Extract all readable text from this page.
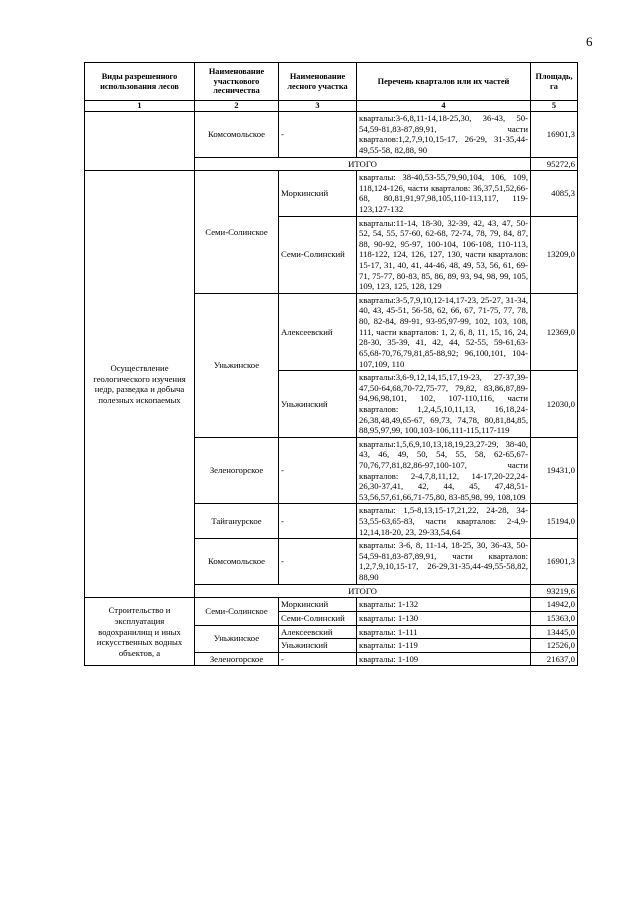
6
Виды разрешенного использования лесов	Наименование участкового лесничества	Наименование лесного участка	Перечень кварталов или их частей	Площадь, га
1	2	3	4	5
	Комсомольское	-	кварталы:3-6,8,11-14,18-25,30, 36-43, 50-54,59-81,83-87,89,91, части кварталов:1,2,7,9,10,15-17, 26-29, 31-35,44-49,55-58, 82,88, 90	16901,3
	ИТОГО			95272,6
Осуществление геологического изучения недр, разведка и добыча полезных ископаемых	Семи-Солинское	Моркинский	кварталы: 38-40,53-55,79,90,104, 106, 109, 118,124-126, части кварталов: 36,37,51,52,66-68, 80,81,91,97,98,105,110-113,117, 119-123,127-132	4085,3
		Семи-Солинский	кварталы:11-14, 18-30, 32-39, 42, 43, 47, 50-52, 54, 55, 57-60, 62-68, 72-74, 78, 79, 84, 87, 88, 90-92, 95-97, 100-104, 106-108, 110-113, 118-122, 124, 126, 127, 130, части кварталов: 15-17, 31, 40, 41, 44-46, 48, 49, 53, 56, 61, 69-71, 75-77, 80-83, 85, 86, 89, 93, 94, 98, 99, 105, 109, 123, 125, 128, 129	13209,0
	Уньжинское	Алексеевский	кварталы:3-5,7,9,10,12-14,17-23, 25-27, 31-34, 40, 43, 45-51, 56-58, 62, 66, 67, 71-75, 77, 78, 80, 82-84, 89-91, 93-95,97-99, 102, 103, 108, 111, части кварталов: 1, 2, 6, 8, 11, 15, 16, 24, 28-30, 35-39, 41, 42, 44, 52-55, 59-61,63-65,68-70,76,79,81,85-88,92; 96,100,101, 104-107,109, 110	12369,0
		Уньжинский	кварталы:3,6-9,12,14,15,17,19-23, 27-37,39-47,50-64,68,70-72,75-77, 79,82, 83,86,87,89-94,96,98,101, 102, 107-110,116, части кварталов: 1,2,4,5,10,11,13, 16,18,24-26,38,48,49,65-67, 69,73, 74,78, 80,81,84,85, 88,95,97,99, 100,103-106,111-115,117-119	12030,0
	Зеленогорское	-	кварталы:1,5,6,9,10,13,18,19,23,27-29, 38-40, 43, 46, 49, 50, 54, 55, 58, 62-65,67-70,76,77,81,82,86-97,100-107, части кварталов: 2-4,7,8,11,12, 14-17,20-22,24-26,30-37,41, 42, 44, 45, 47,48,51-53,56,57,61,66,71-75,80, 83-85,98, 99, 108,109	19431,0
	Тайганурское	-	кварталы: 1,5-8,13,15-17,21,22, 24-28, 34-53,55-63,65-83, части кварталов: 2-4,9-12,14,18-20, 23, 29-33,54,64	15194,0
	Комсомольское	-	кварталы: 3-6, 8, 11-14, 18-25, 30, 36-43, 50-54,59-81,83-87,89,91, части кварталов: 1,2,7,9,10,15-17, 26-29,31-35,44-49,55-58,82, 88,90	16901,3
	ИТОГО			93219,6
Строительство и эксплуатация водохранилищ и иных искусственных водных объектов, а	Семи-Солинское	Моркинский	кварталы: 1-132	14942,0
		Семи-Солинский	кварталы: 1-130	15363,0
	Уньжинское	Алексеевский	кварталы: 1-111	13445,0
		Уньжинский	кварталы: 1-119	12526,0
	Зеленогорское	-	кварталы: 1-109	21637,0
